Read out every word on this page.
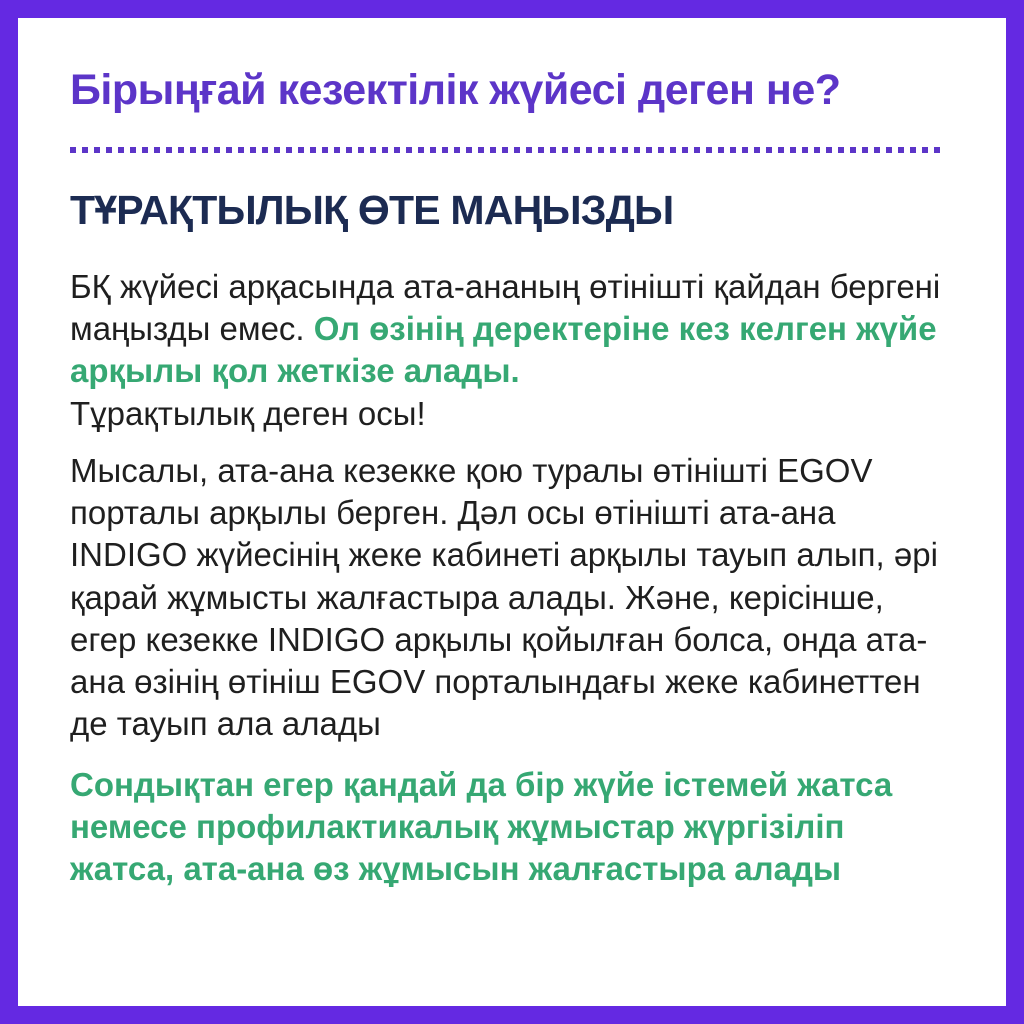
Бірыңғай кезектілік жүйесі деген не?
ТҰРАҚТЫЛЫҚ ӨТЕ МАҢЫЗДЫ

БҚ жүйесі арқасында ата-ананың өтінішті қайдан бергені маңызды емес. Ол өзінің деректеріне кез келген жүйе арқылы қол жеткізе алады.
Тұрақтылық деген осы!

Мысалы, ата-ана кезекке қою туралы өтінішті EGOV порталы арқылы берген. Дәл осы өтінішті ата-ана INDIGO жүйесінің жеке кабинеті арқылы тауып алып, әрі қарай жұмысты жалғастыра алады. Және, керісінше, егер кезекке INDIGO арқылы қойылған болса, онда ата-ана өзінің өтініш EGOV порталындағы жеке кабинеттен де тауып ала алады

Сондықтан егер қандай да бір жүйе істемей жатса немесе профилактикалық жұмыстар жүргізіліп жатса, ата-ана өз жұмысын жалғастыра алады
